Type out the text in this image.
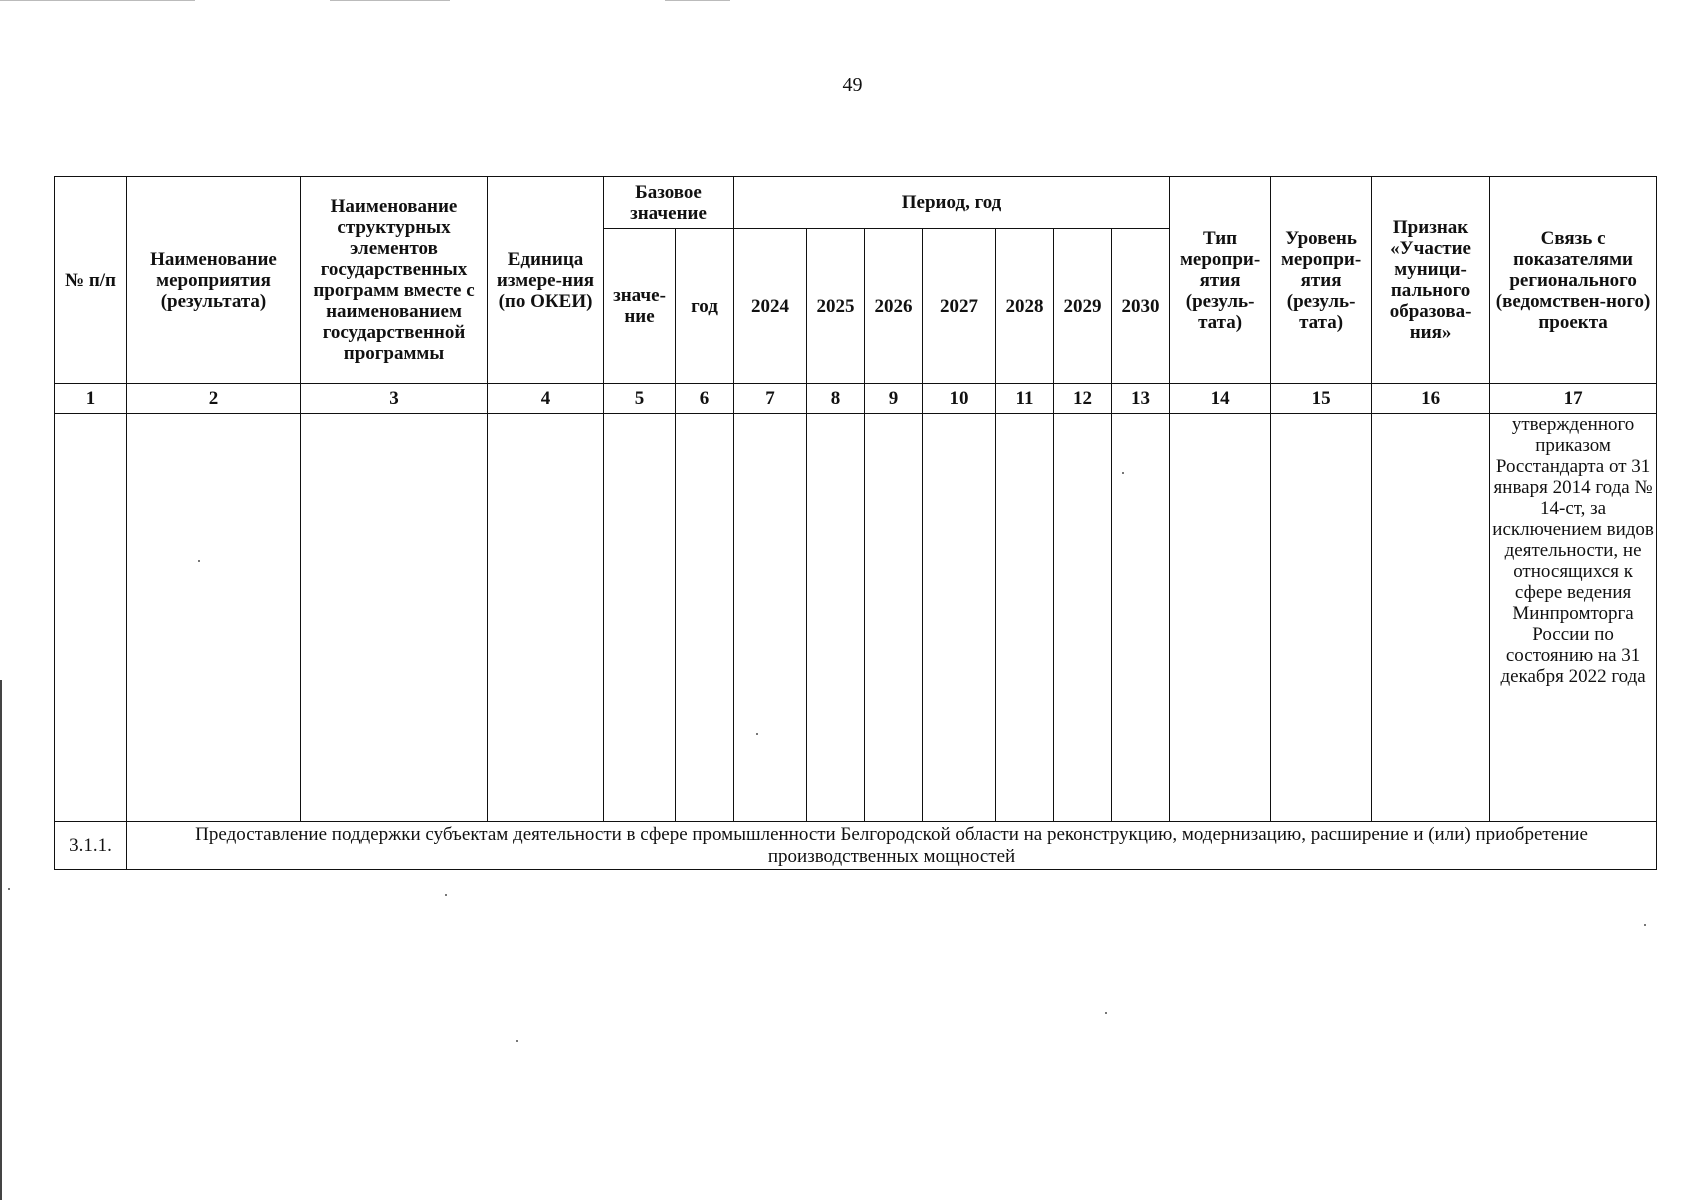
49
№ п/п	Наименование мероприятия (результата)	Наименование структурных элементов государственных программ вместе с наименованием государственной программы	Единица измере-ния (по ОКЕИ)	Базовое значение		Период, год							Тип меропри-ятия (резуль-тата)	Уровень меропри-ятия (резуль-тата)	Признак «Участие муници-пального образова-ния»	Связь с показателями регионального (ведомствен-ного) проекта
				значе-ние	год	2024	2025	2026	2027	2028	2029	2030				
1	2	3	4	5	6	7	8	9	10	11	12	13	14	15	16	17
																утвержденного приказом Росстандарта от 31 января 2014 года № 14-ст, за исключением видов деятельности, не относящихся к сфере ведения Минпромторга России по состоянию на 31 декабря 2022 года
3.1.1.	Предоставление поддержки субъектам деятельности в сфере промышленности Белгородской области на реконструкцию, модернизацию, расширение и (или) приобретение производственных мощностей															
